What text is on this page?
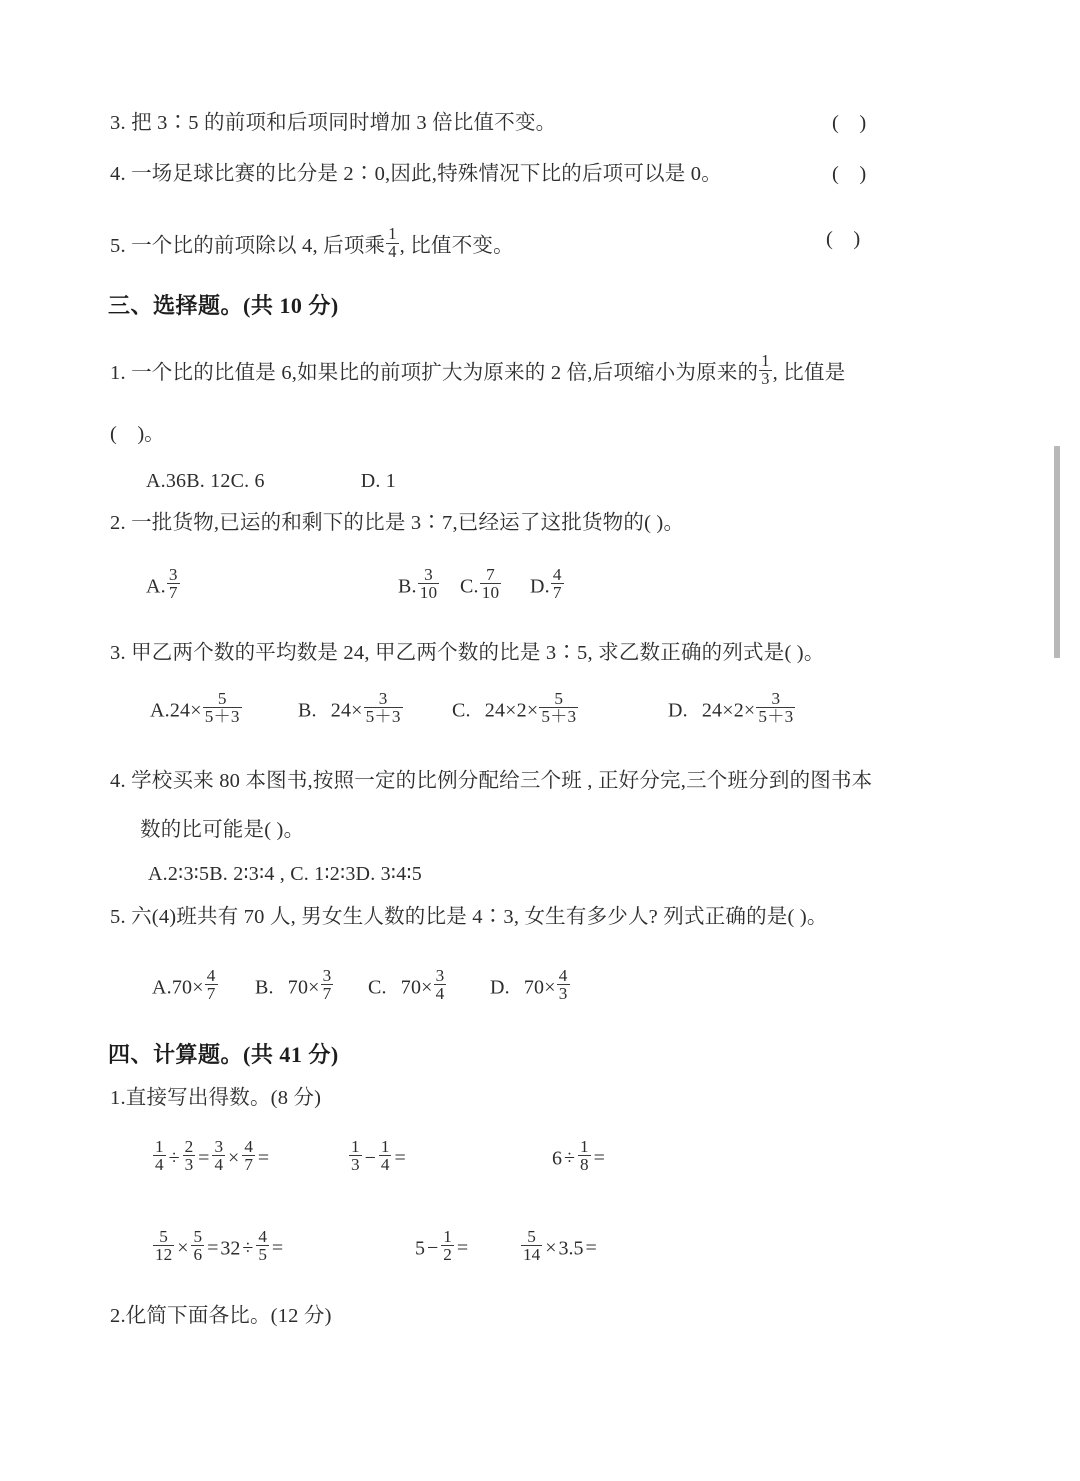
3. 把 3∶5 的前项和后项同时增加 3 倍比值不变。	(    )
4. 一场足球比赛的比分是 2∶0,因此,特殊情况下比的后项可以是 0。	(    )
5. 一个比的前项除以 4, 后项乘 $\frac{1}{4}$ , 比值不变。	(    )
三、选择题。(共 10 分)
1. 一个比的比值是 6,如果比的前项扩大为原来的 2 倍,后项缩小为原来的 $\frac{1}{3}$ , 比值是
(    )。
A.36B. 12C. 6	D. 1
2. 一批货物,已运的和剩下的比是 3∶7,已经运了这批货物的( )。
A. $\frac{3}{7}$	B. $\frac{3}{10} C$. $\frac{7}{10} D$. $\frac{4}{7}$
3. 甲乙两个数的平均数是 24, 甲乙两个数的比是 3∶5, 求乙数正确的列式是( )。
$A.24\times \frac{5}{5+3}$	B. $24\times \frac{3}{5+3} C$. $24\times 2\times \frac{5}{5+3}$	D. $24\times 2\times \frac{3}{5+3}$
4. 学校买来 80 本图书,按照一定的比例分配给三个班 , 正好分完,三个班分到的图书本
数的比可能是( )。
A.2∶3∶5B. 2∶3∶4 , C. 1∶2∶3D. 3∶4∶5
5. 六(4)班共有 70 人, 男女生人数的比是 4∶3, 女生有多少人? 列式正确的是( )。
$A.70\times \frac{4}{7} B$. $70\times \frac{3}{7} C$. $70\times \frac{3}{4} D$. $70\times \frac{4}{3}$
四、计算题。(共 41 分)
1.直接写出得数。(8 分)
$\frac{1}{4} \div \frac{2}{3} = \frac{3}{4} \times \frac{4}{7}$ =	$\frac{1}{3} - \frac{1}{4}$ =	$6 \div \frac{1}{8}$ =
$\frac{5}{12} \times \frac{5}{6} = 32 \div \frac{4}{5}$ =	$5 - \frac{1}{2}$ =	$\frac{5}{14} \times 3.5$ =
2.化简下面各比。(12 分)
